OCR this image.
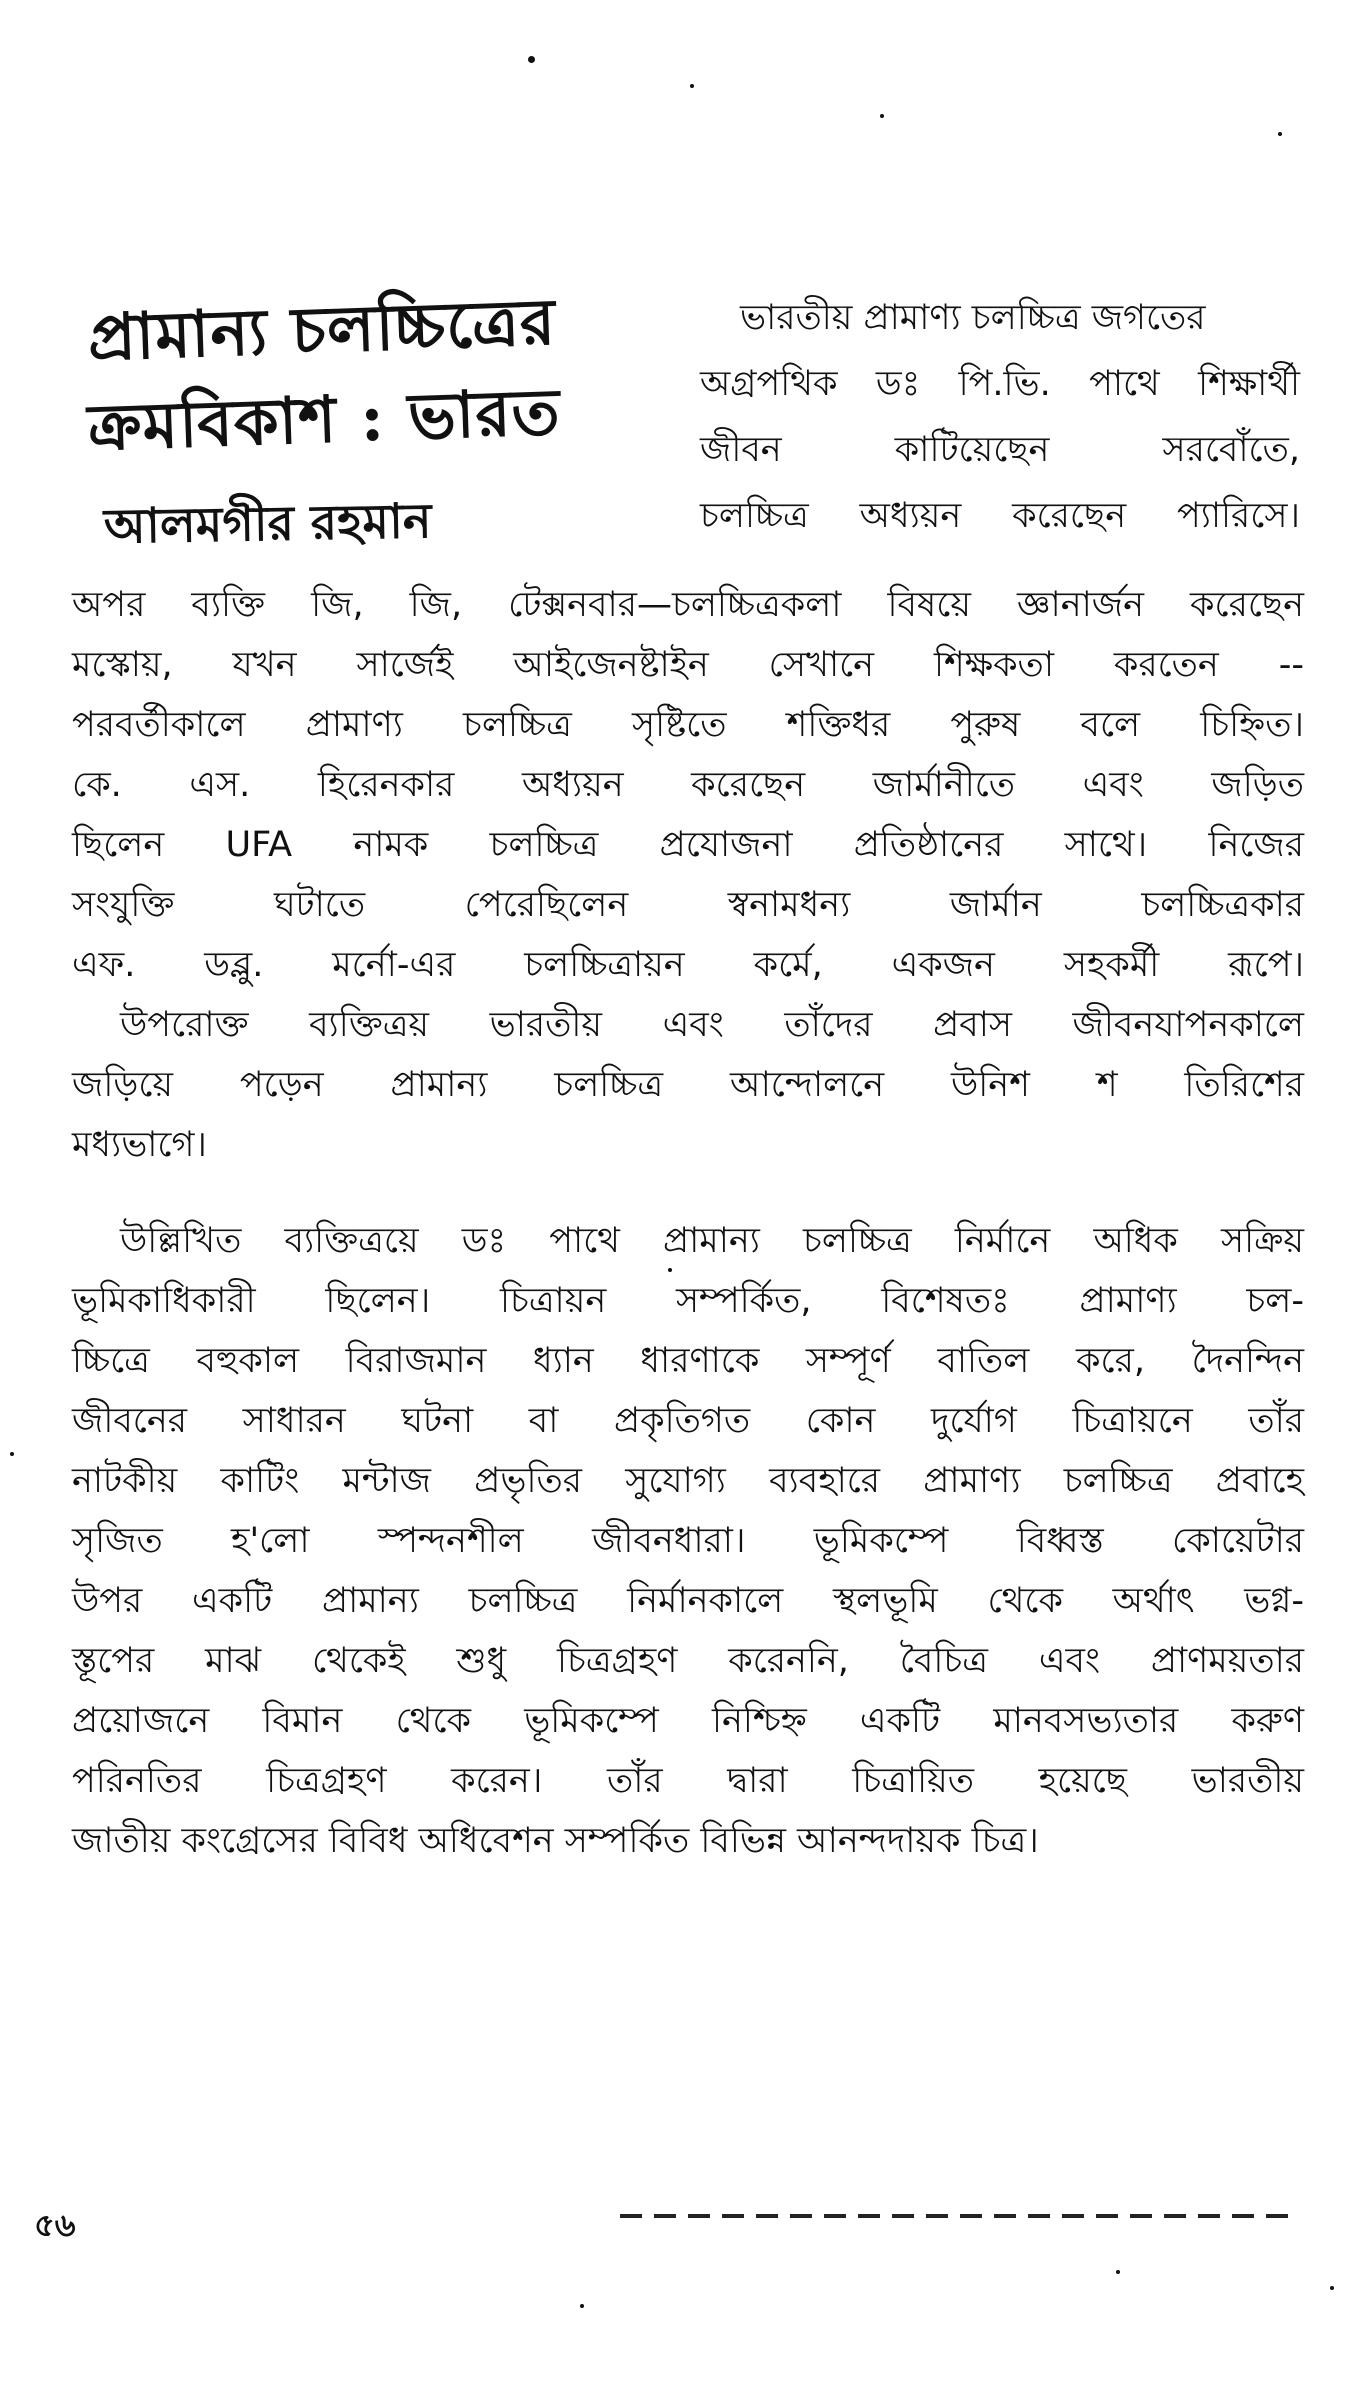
প্রামান্য চলচ্চিত্রের
ক্রমবিকাশ : ভারত
আলমগীর রহমান
ভারতীয় প্রামাণ্য চলচ্চিত্র জগতের
অগ্রপথিক ডঃ পি.ভি. পাথে শিক্ষার্থী
জীবন কাটিয়েছেন সরবোঁতে,
চলচ্চিত্র অধ্যয়ন করেছেন প্যারিসে।
অপর ব্যক্তি জি, জি, টেক্সনবার—চলচ্চিত্রকলা বিষয়ে জ্ঞানার্জন করেছেন
মস্কোয়, যখন সার্জেই আইজেনষ্টাইন সেখানে শিক্ষকতা করতেন --
পরবর্তীকালে প্রামাণ্য চলচ্চিত্র সৃষ্টিতে শক্তিধর পুরুষ বলে চিহ্নিত।
কে. এস. হিরেনকার অধ্যয়ন করেছেন জার্মানীতে এবং জড়িত
ছিলেন UFA নামক চলচ্চিত্র প্রযোজনা প্রতিষ্ঠানের সাথে। নিজের
সংযুক্তি ঘটাতে পেরেছিলেন স্বনামধন্য জার্মান চলচ্চিত্রকার
এফ. ডব্লু. মর্নো-এর চলচ্চিত্রায়ন কর্মে, একজন সহকর্মী রূপে।
উপরোক্ত ব্যক্তিত্রয় ভারতীয় এবং তাঁদের প্রবাস জীবনযাপনকালে
জড়িয়ে পড়েন প্রামান্য চলচ্চিত্র আন্দোলনে উনিশ শ তিরিশের
মধ্যভাগে।
উল্লিখিত ব্যক্তিত্রয়ে ডঃ পাথে প্রামান্য চলচ্চিত্র নির্মানে অধিক সক্রিয়
ভূমিকাধিকারী ছিলেন। চিত্রায়ন সম্পর্কিত, বিশেষতঃ প্রামাণ্য চল-
চ্চিত্রে বহুকাল বিরাজমান ধ্যান ধারণাকে সম্পূর্ণ বাতিল করে, দৈনন্দিন
জীবনের সাধারন ঘটনা বা প্রকৃতিগত কোন দুর্যোগ চিত্রায়নে তাঁর
নাটকীয় কাটিং মন্টাজ প্রভৃতির সুযোগ্য ব্যবহারে প্রামাণ্য চলচ্চিত্র প্রবাহে
সৃজিত হ'লো স্পন্দনশীল জীবনধারা। ভূমিকম্পে বিধ্বস্ত কোয়েটার
উপর একটি প্রামান্য চলচ্চিত্র নির্মানকালে স্থলভূমি থেকে অর্থাৎ ভগ্ন-
স্তূপের মাঝ থেকেই শুধু চিত্রগ্রহণ করেননি, বৈচিত্র এবং প্রাণময়তার
প্রয়োজনে বিমান থেকে ভূমিকম্পে নিশ্চিহ্ন একটি মানবসভ্যতার করুণ
পরিনতির চিত্রগ্রহণ করেন। তাঁর দ্বারা চিত্রায়িত হয়েছে ভারতীয়
জাতীয় কংগ্রেসের বিবিধ অধিবেশন সম্পর্কিত বিভিন্ন আনন্দদায়ক চিত্র।
৫৬
